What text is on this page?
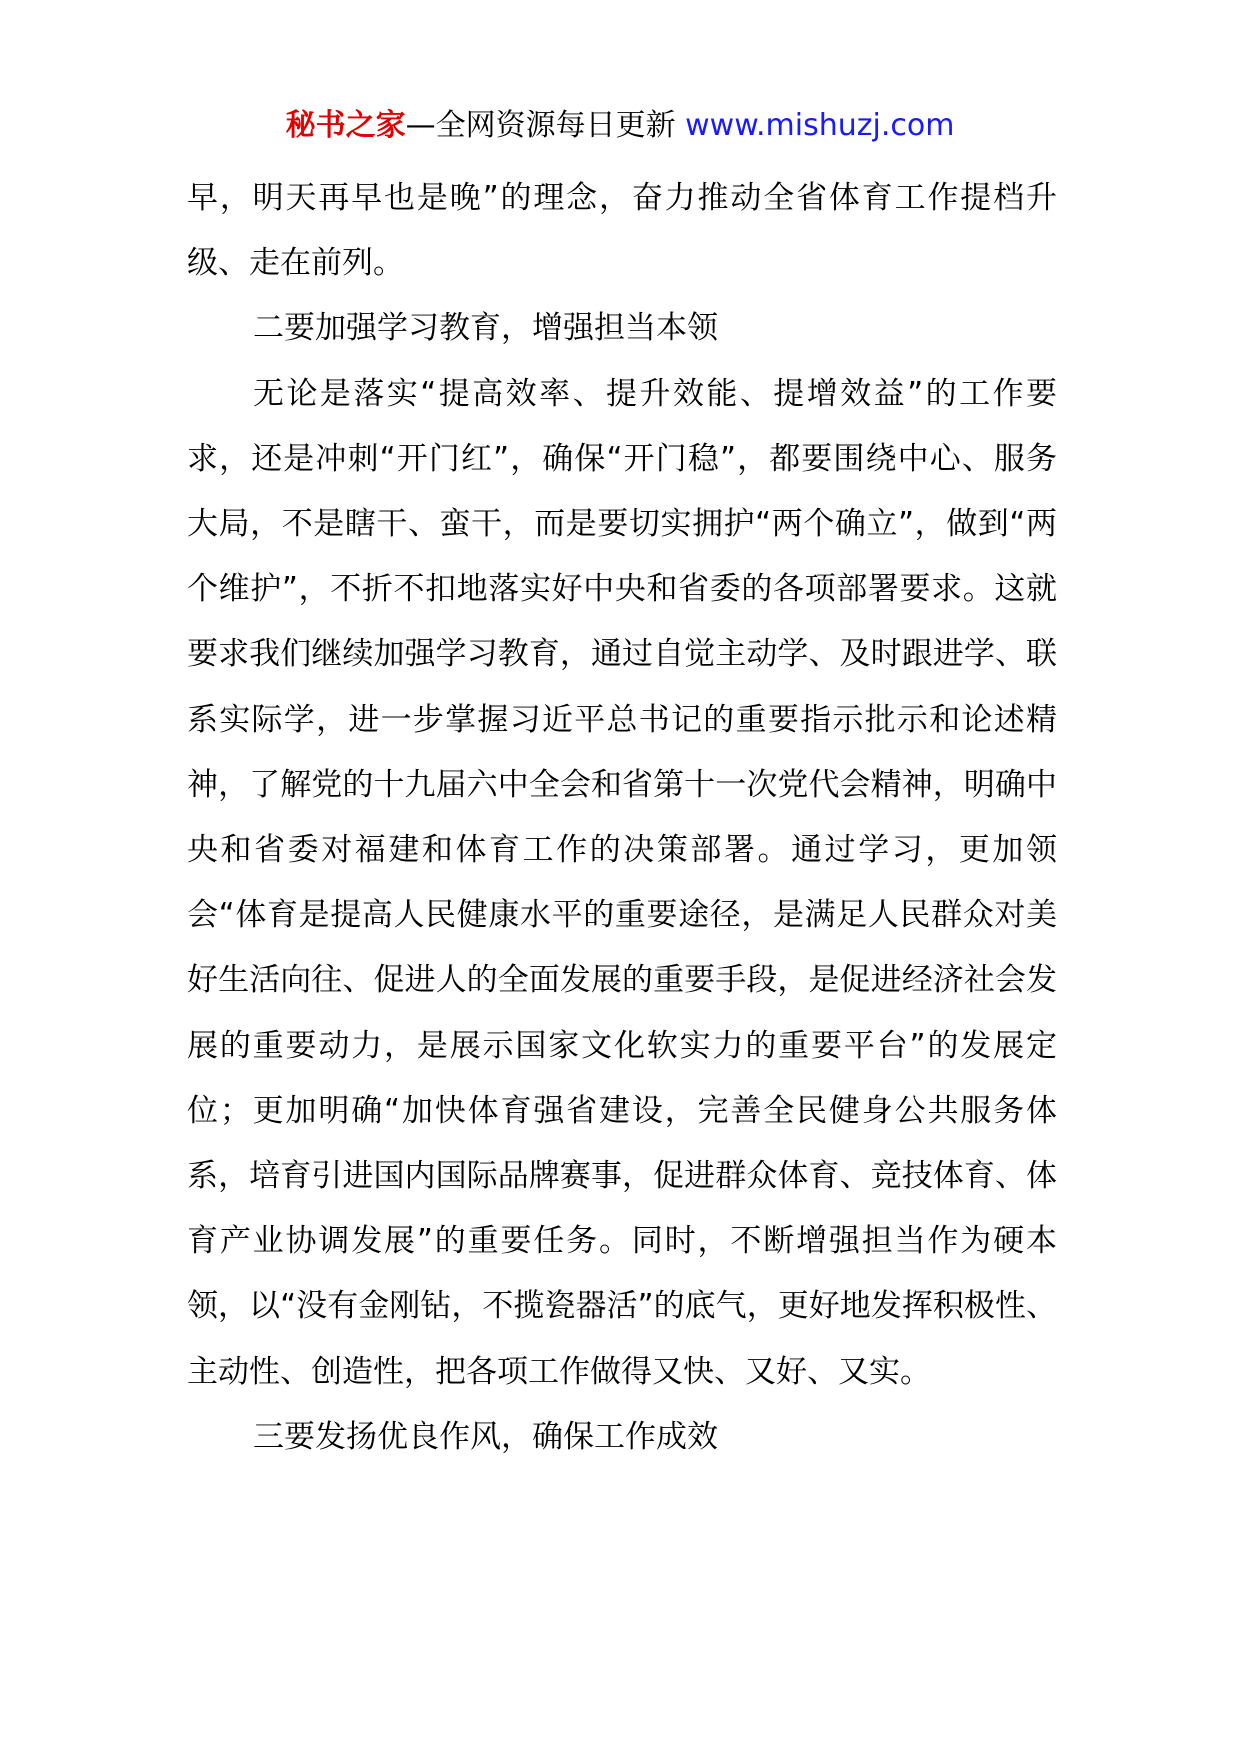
秘书之家—全网资源每日更新 www.mishuzj.com

早，明天再早也是晚”的理念，奋力推动全省体育工作提档升级、走在前列。

二要加强学习教育，增强担当本领

无论是落实“提高效率、提升效能、提增效益”的工作要求，还是冲刺“开门红”，确保“开门稳”，都要围绕中心、服务大局，不是瞎干、蛮干，而是要切实拥护“两个确立”，做到“两个维护”，不折不扣地落实好中央和省委的各项部署要求。这就要求我们继续加强学习教育，通过自觉主动学、及时跟进学、联系实际学，进一步掌握习近平总书记的重要指示批示和论述精神，了解党的十九届六中全会和省第十一次党代会精神，明确中央和省委对福建和体育工作的决策部署。通过学习，更加领会“体育是提高人民健康水平的重要途径，是满足人民群众对美好生活向往、促进人的全面发展的重要手段，是促进经济社会发展的重要动力，是展示国家文化软实力的重要平台”的发展定位；更加明确“加快体育强省建设，完善全民健身公共服务体系，培育引进国内国际品牌赛事，促进群众体育、竞技体育、体育产业协调发展”的重要任务。同时，不断增强担当作为硬本领，以“没有金刚钻，不揽瓷器活”的底气，更好地发挥积极性、主动性、创造性，把各项工作做得又快、又好、又实。

三要发扬优良作风，确保工作成效
